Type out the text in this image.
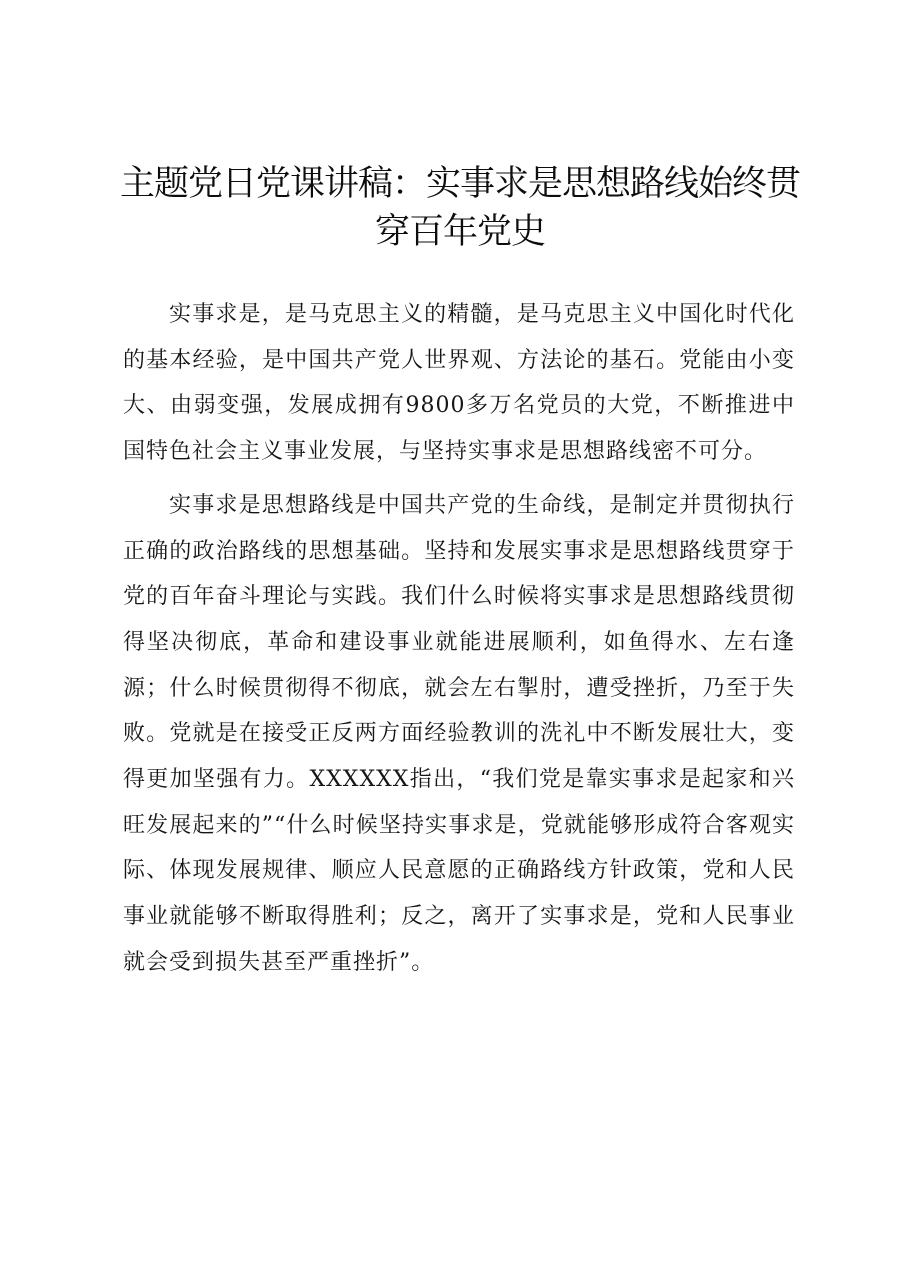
主题党日党课讲稿：实事求是思想路线始终贯穿百年党史

实事求是，是马克思主义的精髓，是马克思主义中国化时代化的基本经验，是中国共产党人世界观、方法论的基石。党能由小变大、由弱变强，发展成拥有9800多万名党员的大党，不断推进中国特色社会主义事业发展，与坚持实事求是思想路线密不可分。

实事求是思想路线是中国共产党的生命线，是制定并贯彻执行正确的政治路线的思想基础。坚持和发展实事求是思想路线贯穿于党的百年奋斗理论与实践。我们什么时候将实事求是思想路线贯彻得坚决彻底，革命和建设事业就能进展顺利，如鱼得水、左右逢源；什么时候贯彻得不彻底，就会左右掣肘，遭受挫折，乃至于失败。党就是在接受正反两方面经验教训的洗礼中不断发展壮大，变得更加坚强有力。XXXXXX指出，“我们党是靠实事求是起家和兴旺发展起来的”“什么时候坚持实事求是，党就能够形成符合客观实际、体现发展规律、顺应人民意愿的正确路线方针政策，党和人民事业就能够不断取得胜利；反之，离开了实事求是，党和人民事业就会受到损失甚至严重挫折”。
